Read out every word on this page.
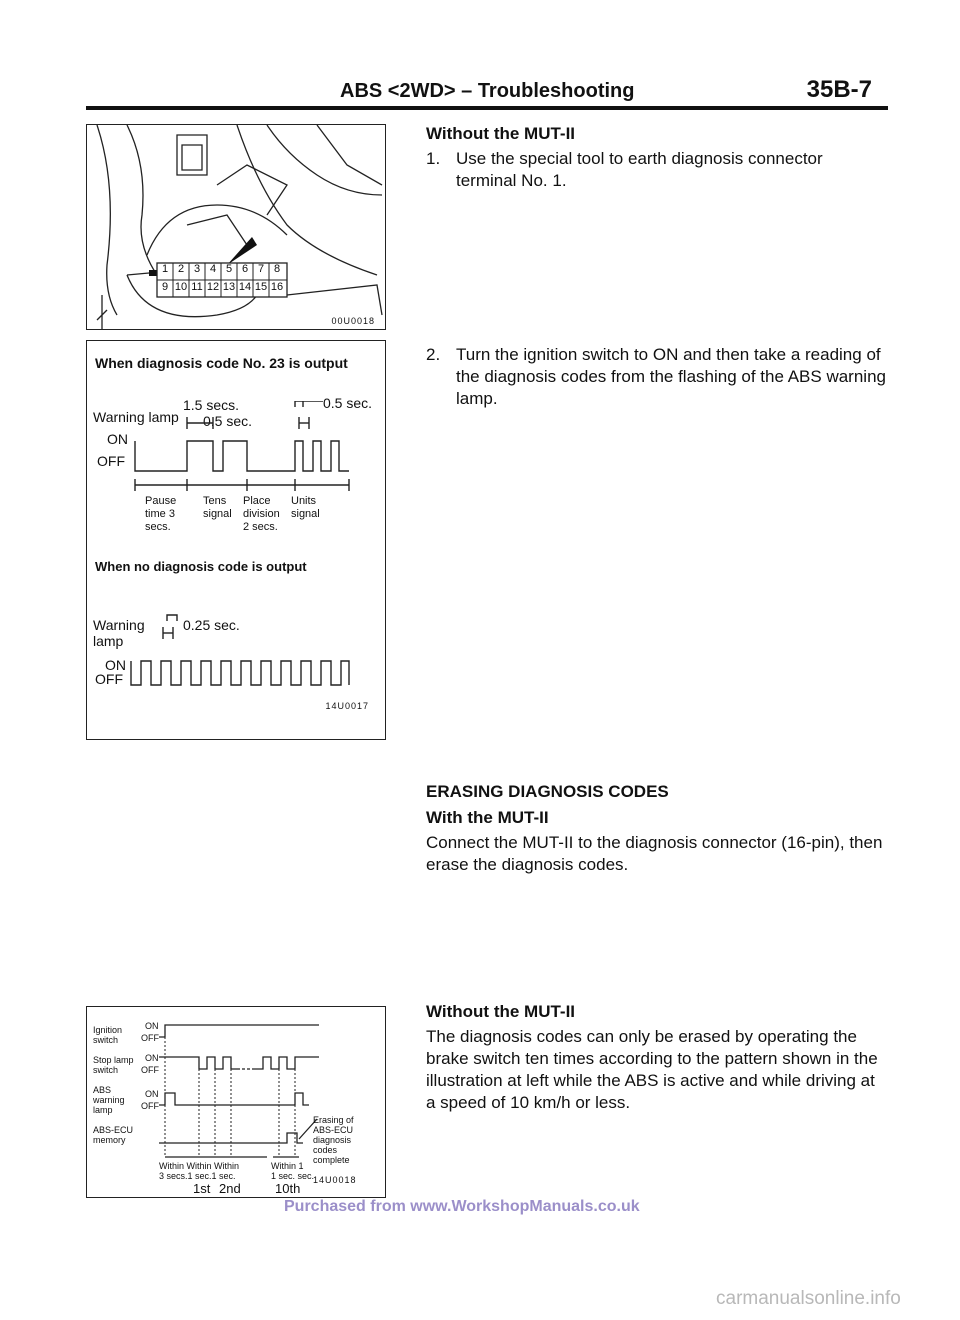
ABS <2WD> – Troubleshooting	35B-7
1 2 3 4 5 6 7 8
9 10 11 12 13 14 15 16
00U0018
When diagnosis code No. 23 is output
1.5 secs.	0.5 sec.
Warning lamp 0.5 sec.
ON
OFF
Pause
time 3
secs.
Tens
signal
Place
division
2 secs.
Units
signal
When no diagnosis code is output
Warning	0.25 sec.
lamp
ON
OFF
14U0017
Ignition
switch
Stop lamp
switch
ABS
warning
lamp
ABS-ECU
memory
ON
OFF
ON
OFF
ON
OFF
Erasing of
ABS-ECU
diagnosis
codes
complete
Within Within Within
3 secs.1 sec.1 sec.
Within 1
1 sec. sec.
1st 2nd	10th
14U0018
Without the MUT-II
1. Use the special tool to earth diagnosis connector terminal No. 1.
2. Turn the ignition switch to ON and then take a reading of the diagnosis codes from the flashing of the ABS warning lamp.
ERASING DIAGNOSIS CODES
With the MUT-II
Connect the MUT-II to the diagnosis connector (16-pin), then erase the diagnosis codes.
Without the MUT-II
The diagnosis codes can only be erased by operating the brake switch ten times according to the pattern shown in the illustration at left while the ABS is active and while driving at a speed of 10 km/h or less.
Purchased from www.WorkshopManuals.co.uk
carmanualsonline.info
